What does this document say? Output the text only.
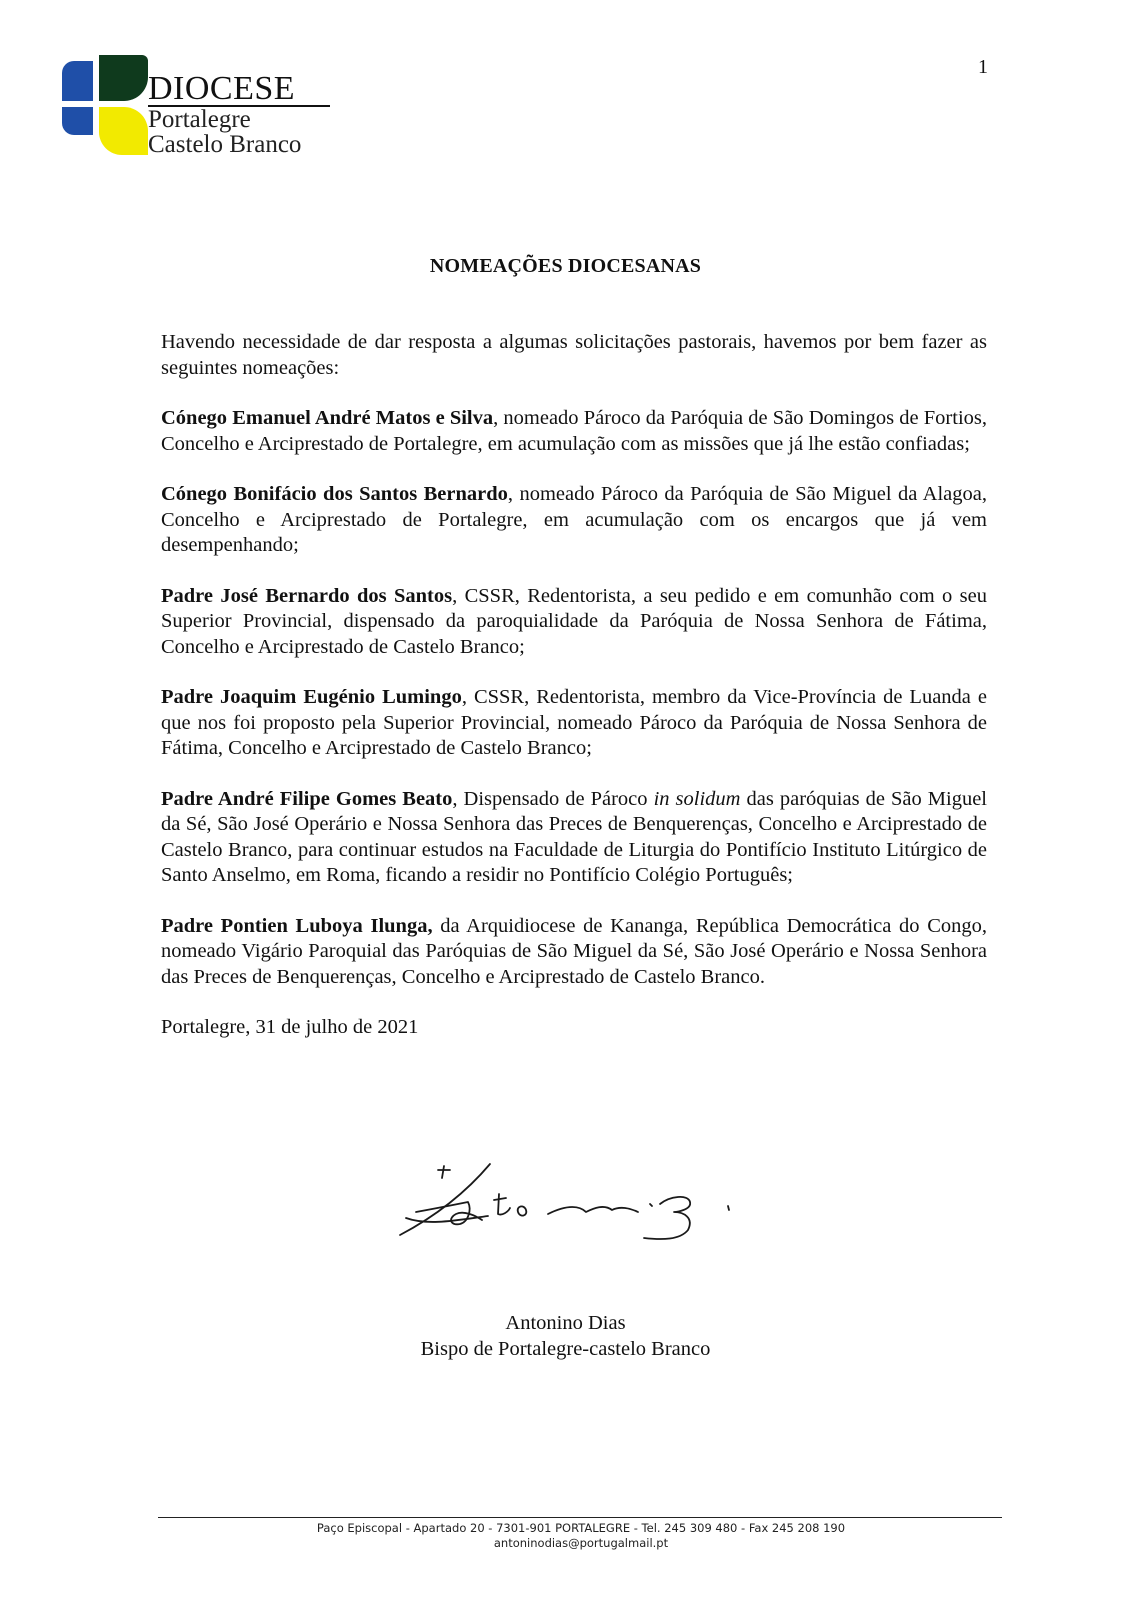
1
DIOCESE
Portalegre
Castelo Branco
NOMEAÇÕES DIOCESANAS

Havendo necessidade de dar resposta a algumas solicitações pastorais, havemos por bem fazer as seguintes nomeações:

Cónego Emanuel André Matos e Silva, nomeado Pároco da Paróquia de São Domingos de Fortios, Concelho e Arciprestado de Portalegre, em acumulação com as missões que já lhe estão confiadas;

Cónego Bonifácio dos Santos Bernardo, nomeado Pároco da Paróquia de São Miguel da Alagoa, Concelho e Arciprestado de Portalegre, em acumulação com os encargos que já vem desempenhando;

Padre José Bernardo dos Santos, CSSR, Redentorista, a seu pedido e em comunhão com o seu Superior Provincial, dispensado da paroquialidade da Paróquia de Nossa Senhora de Fátima, Concelho e Arciprestado de Castelo Branco;

Padre Joaquim Eugénio Lumingo, CSSR, Redentorista, membro da Vice-Província de Luanda e que nos foi proposto pela Superior Provincial, nomeado Pároco da Paróquia de Nossa Senhora de Fátima, Concelho e Arciprestado de Castelo Branco;

Padre André Filipe Gomes Beato, Dispensado de Pároco in solidum das paróquias de São Miguel da Sé, São José Operário e Nossa Senhora das Preces de Benquerenças, Concelho e Arciprestado de Castelo Branco, para continuar estudos na Faculdade de Liturgia do Pontifício Instituto Litúrgico de Santo Anselmo, em Roma, ficando a residir no Pontifício Colégio Português;

Padre Pontien Luboya Ilunga, da Arquidiocese de Kananga, República Democrática do Congo, nomeado Vigário Paroquial das Paróquias de São Miguel da Sé, São José Operário e Nossa Senhora das Preces de Benquerenças, Concelho e Arciprestado de Castelo Branco.

Portalegre, 31 de julho de 2021

Antonino Dias
Bispo de Portalegre-castelo Branco
Paço Episcopal - Apartado 20 - 7301-901 PORTALEGRE - Tel. 245 309 480 - Fax 245 208 190
antoninodias@portugalmail.pt
